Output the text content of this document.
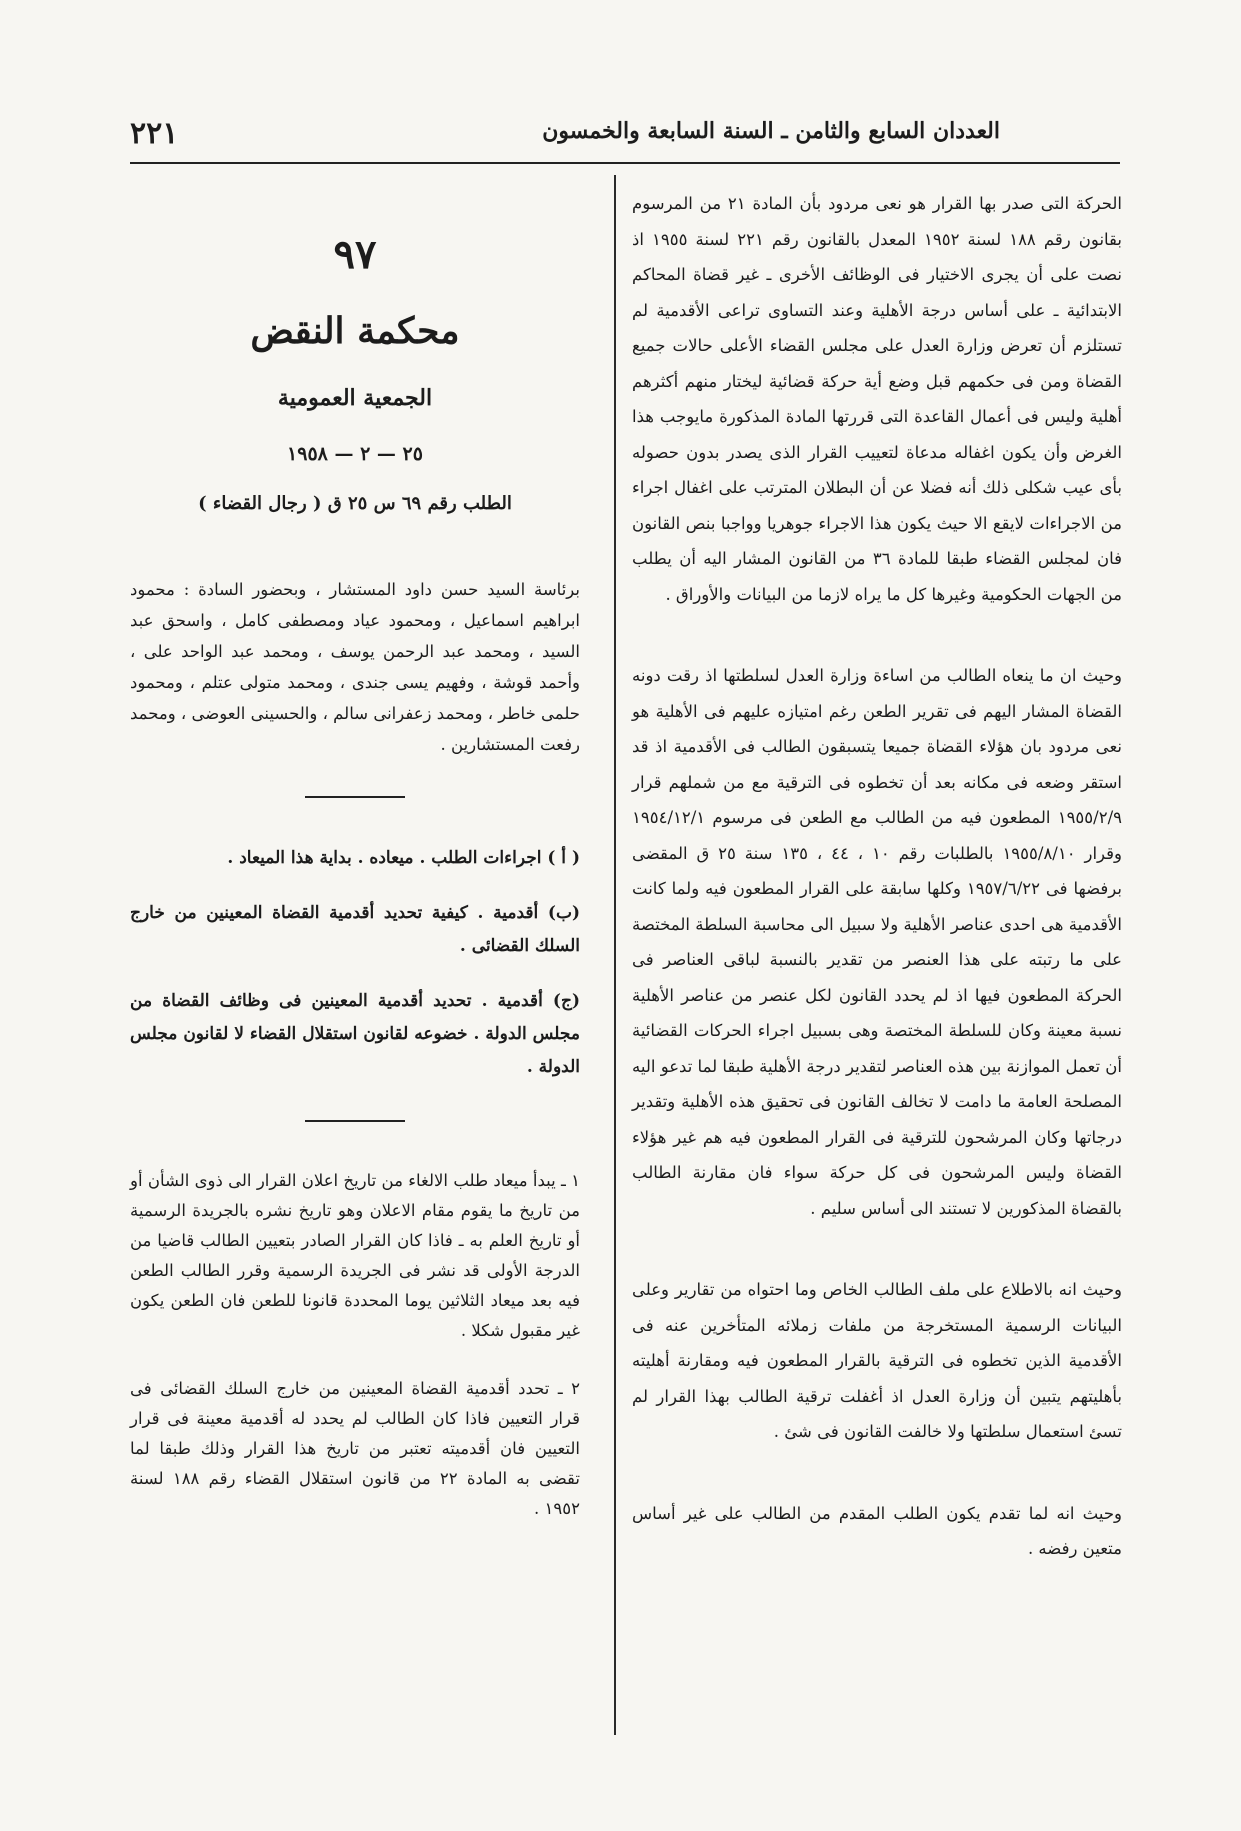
٢٢١	العددان السابع والثامن ـ السنة السابعة والخمسون

الحركة التى صدر بها القرار هو نعى مردود بأن المادة ٢١ من المرسوم بقانون رقم ١٨٨ لسنة ١٩٥٢ المعدل بالقانون رقم ٢٢١ لسنة ١٩٥٥ اذ نصت على أن يجرى الاختيار فى الوظائف الأخرى ـ غير قضاة المحاكم الابتدائية ـ على أساس درجة الأهلية وعند التساوى تراعى الأقدمية لم تستلزم أن تعرض وزارة العدل على مجلس القضاء الأعلى حالات جميع القضاة ومن فى حكمهم قبل وضع أية حركة قضائية ليختار منهم أكثرهم أهلية وليس فى أعمال القاعدة التى قررتها المادة المذكورة مايوجب هذا الغرض وأن يكون اغفاله مدعاة لتعييب القرار الذى يصدر بدون حصوله بأى عيب شكلى ذلك أنه فضلا عن أن البطلان المترتب على اغفال اجراء من الاجراءات لايقع الا حيث يكون هذا الاجراء جوهريا وواجبا بنص القانون فان لمجلس القضاء طبقا للمادة ٣٦ من القانون المشار اليه أن يطلب من الجهات الحكومية وغيرها كل ما يراه لازما من البيانات والأوراق .

وحيث ان ما ينعاه الطالب من اساءة وزارة العدل لسلطتها اذ رقت دونه القضاة المشار اليهم فى تقرير الطعن رغم امتيازه عليهم فى الأهلية هو نعى مردود بان هؤلاء القضاة جميعا يتسبقون الطالب فى الأقدمية اذ قد استقر وضعه فى مكانه بعد أن تخطوه فى الترقية مع من شملهم قرار ١٩٥٥/٢/٩ المطعون فيه من الطالب مع الطعن فى مرسوم ١٩٥٤/١٢/١ وقرار ١٩٥٥/٨/١٠ بالطلبات رقم ١٠ ، ٤٤ ، ١٣٥ سنة ٢٥ ق المقضى برفضها فى ١٩٥٧/٦/٢٢ وكلها سابقة على القرار المطعون فيه ولما كانت الأقدمية هى احدى عناصر الأهلية ولا سبيل الى محاسبة السلطة المختصة على ما رتبته على هذا العنصر من تقدير بالنسبة لباقى العناصر فى الحركة المطعون فيها اذ لم يحدد القانون لكل عنصر من عناصر الأهلية نسبة معينة وكان للسلطة المختصة وهى بسبيل اجراء الحركات القضائية أن تعمل الموازنة بين هذه العناصر لتقدير درجة الأهلية طبقا لما تدعو اليه المصلحة العامة ما دامت لا تخالف القانون فى تحقيق هذه الأهلية وتقدير درجاتها وكان المرشحون للترقية فى القرار المطعون فيه هم غير هؤلاء القضاة وليس المرشحون فى كل حركة سواء فان مقارنة الطالب بالقضاة المذكورين لا تستند الى أساس سليم .

وحيث انه بالاطلاع على ملف الطالب الخاص وما احتواه من تقارير وعلى البيانات الرسمية المستخرجة من ملفات زملائه المتأخرين عنه فى الأقدمية الذين تخطوه فى الترقية بالقرار المطعون فيه ومقارنة أهليته بأهليتهم يتبين أن وزارة العدل اذ أغفلت ترقية الطالب بهذا القرار لم تسئ استعمال سلطتها ولا خالفت القانون فى شئ .

وحيث انه لما تقدم يكون الطلب المقدم من الطالب على غير أساس متعين رفضه .

٩٧
محكمة النقض
الجمعية العمومية
٢٥ — ٢ — ١٩٥٨
الطلب رقم ٦٩ س ٢٥ ق ( رجال القضاء )
برئاسة السيد حسن داود المستشار ، وبحضور السادة : محمود ابراهيم اسماعيل ، ومحمود عياد ومصطفى كامل ، واسحق عبد السيد ، ومحمد عبد الرحمن يوسف ، ومحمد عبد الواحد على ، وأحمد قوشة ، وفهيم يسى جندى ، ومحمد متولى عتلم ، ومحمود حلمى خاطر ، ومحمد زعفرانى سالم ، والحسينى العوضى ، ومحمد رفعت المستشارين .

( أ ) اجراءات الطلب . ميعاده . بداية هذا الميعاد .

(ب) أقدمية . كيفية تحديد أقدمية القضاة المعينين من خارج السلك القضائى .

(ج) أقدمية . تحديد أقدمية المعينين فى وظائف القضاة من مجلس الدولة . خضوعه لقانون استقلال القضاء لا لقانون مجلس الدولة .

١ ـ يبدأ ميعاد طلب الالغاء من تاريخ اعلان القرار الى ذوى الشأن أو من تاريخ ما يقوم مقام الاعلان وهو تاريخ نشره بالجريدة الرسمية أو تاريخ العلم به ـ فاذا كان القرار الصادر بتعيين الطالب قاضيا من الدرجة الأولى قد نشر فى الجريدة الرسمية وقرر الطالب الطعن فيه بعد ميعاد الثلاثين يوما المحددة قانونا للطعن فان الطعن يكون غير مقبول شكلا .

٢ ـ تحدد أقدمية القضاة المعينين من خارج السلك القضائى فى قرار التعيين فاذا كان الطالب لم يحدد له أقدمية معينة فى قرار التعيين فان أقدميته تعتبر من تاريخ هذا القرار وذلك طبقا لما تقضى به المادة ٢٢ من قانون استقلال القضاء رقم ١٨٨ لسنة ١٩٥٢ .
